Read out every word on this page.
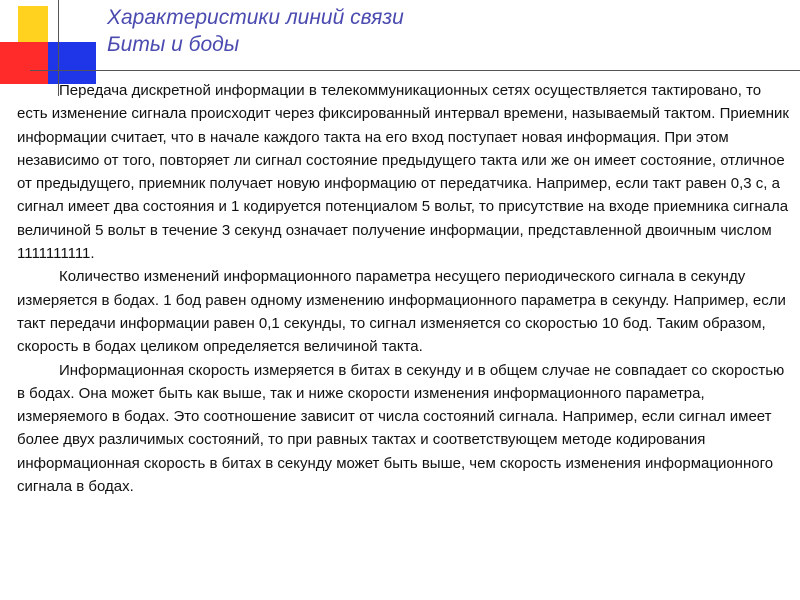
Характеристики линий связи
Биты и боды

Передача дискретной информации в телекоммуникационных сетях осуществляется тактировано, то есть изменение сигнала происходит через фиксированный интервал времени, называемый тактом. Приемник информации считает, что в начале каждого такта на его вход поступает новая информация. При этом независимо от того, повторяет ли сигнал состояние предыдущего такта или же он имеет состояние, отличное от предыдущего, приемник получает новую информацию от передатчика. Например, если такт равен 0,3 с, а сигнал имеет два состояния и 1 кодируется потенциалом 5 вольт, то присутствие на входе приемника сигнала величиной 5 вольт в течение 3 секунд означает получение информации, представленной двоичным числом 1111111111.

Количество изменений информационного параметра несущего периодического сигнала в секунду измеряется в бодах. 1 бод равен одному изменению информационного параметра в секунду. Например, если такт передачи информации равен 0,1 секунды, то сигнал изменяется со скоростью 10 бод. Таким образом, скорость в бодах целиком определяется величиной такта.

Информационная скорость измеряется в битах в секунду и в общем случае не совпадает со скоростью в бодах. Она может быть как выше, так и ниже скорости изменения информационного параметра, измеряемого в бодах. Это соотношение зависит от числа состояний сигнала. Например, если сигнал имеет более двух различимых состояний, то при равных тактах и соответствующем методе кодирования информационная скорость в битах в секунду может быть выше, чем скорость изменения информационного сигнала в бодах.
